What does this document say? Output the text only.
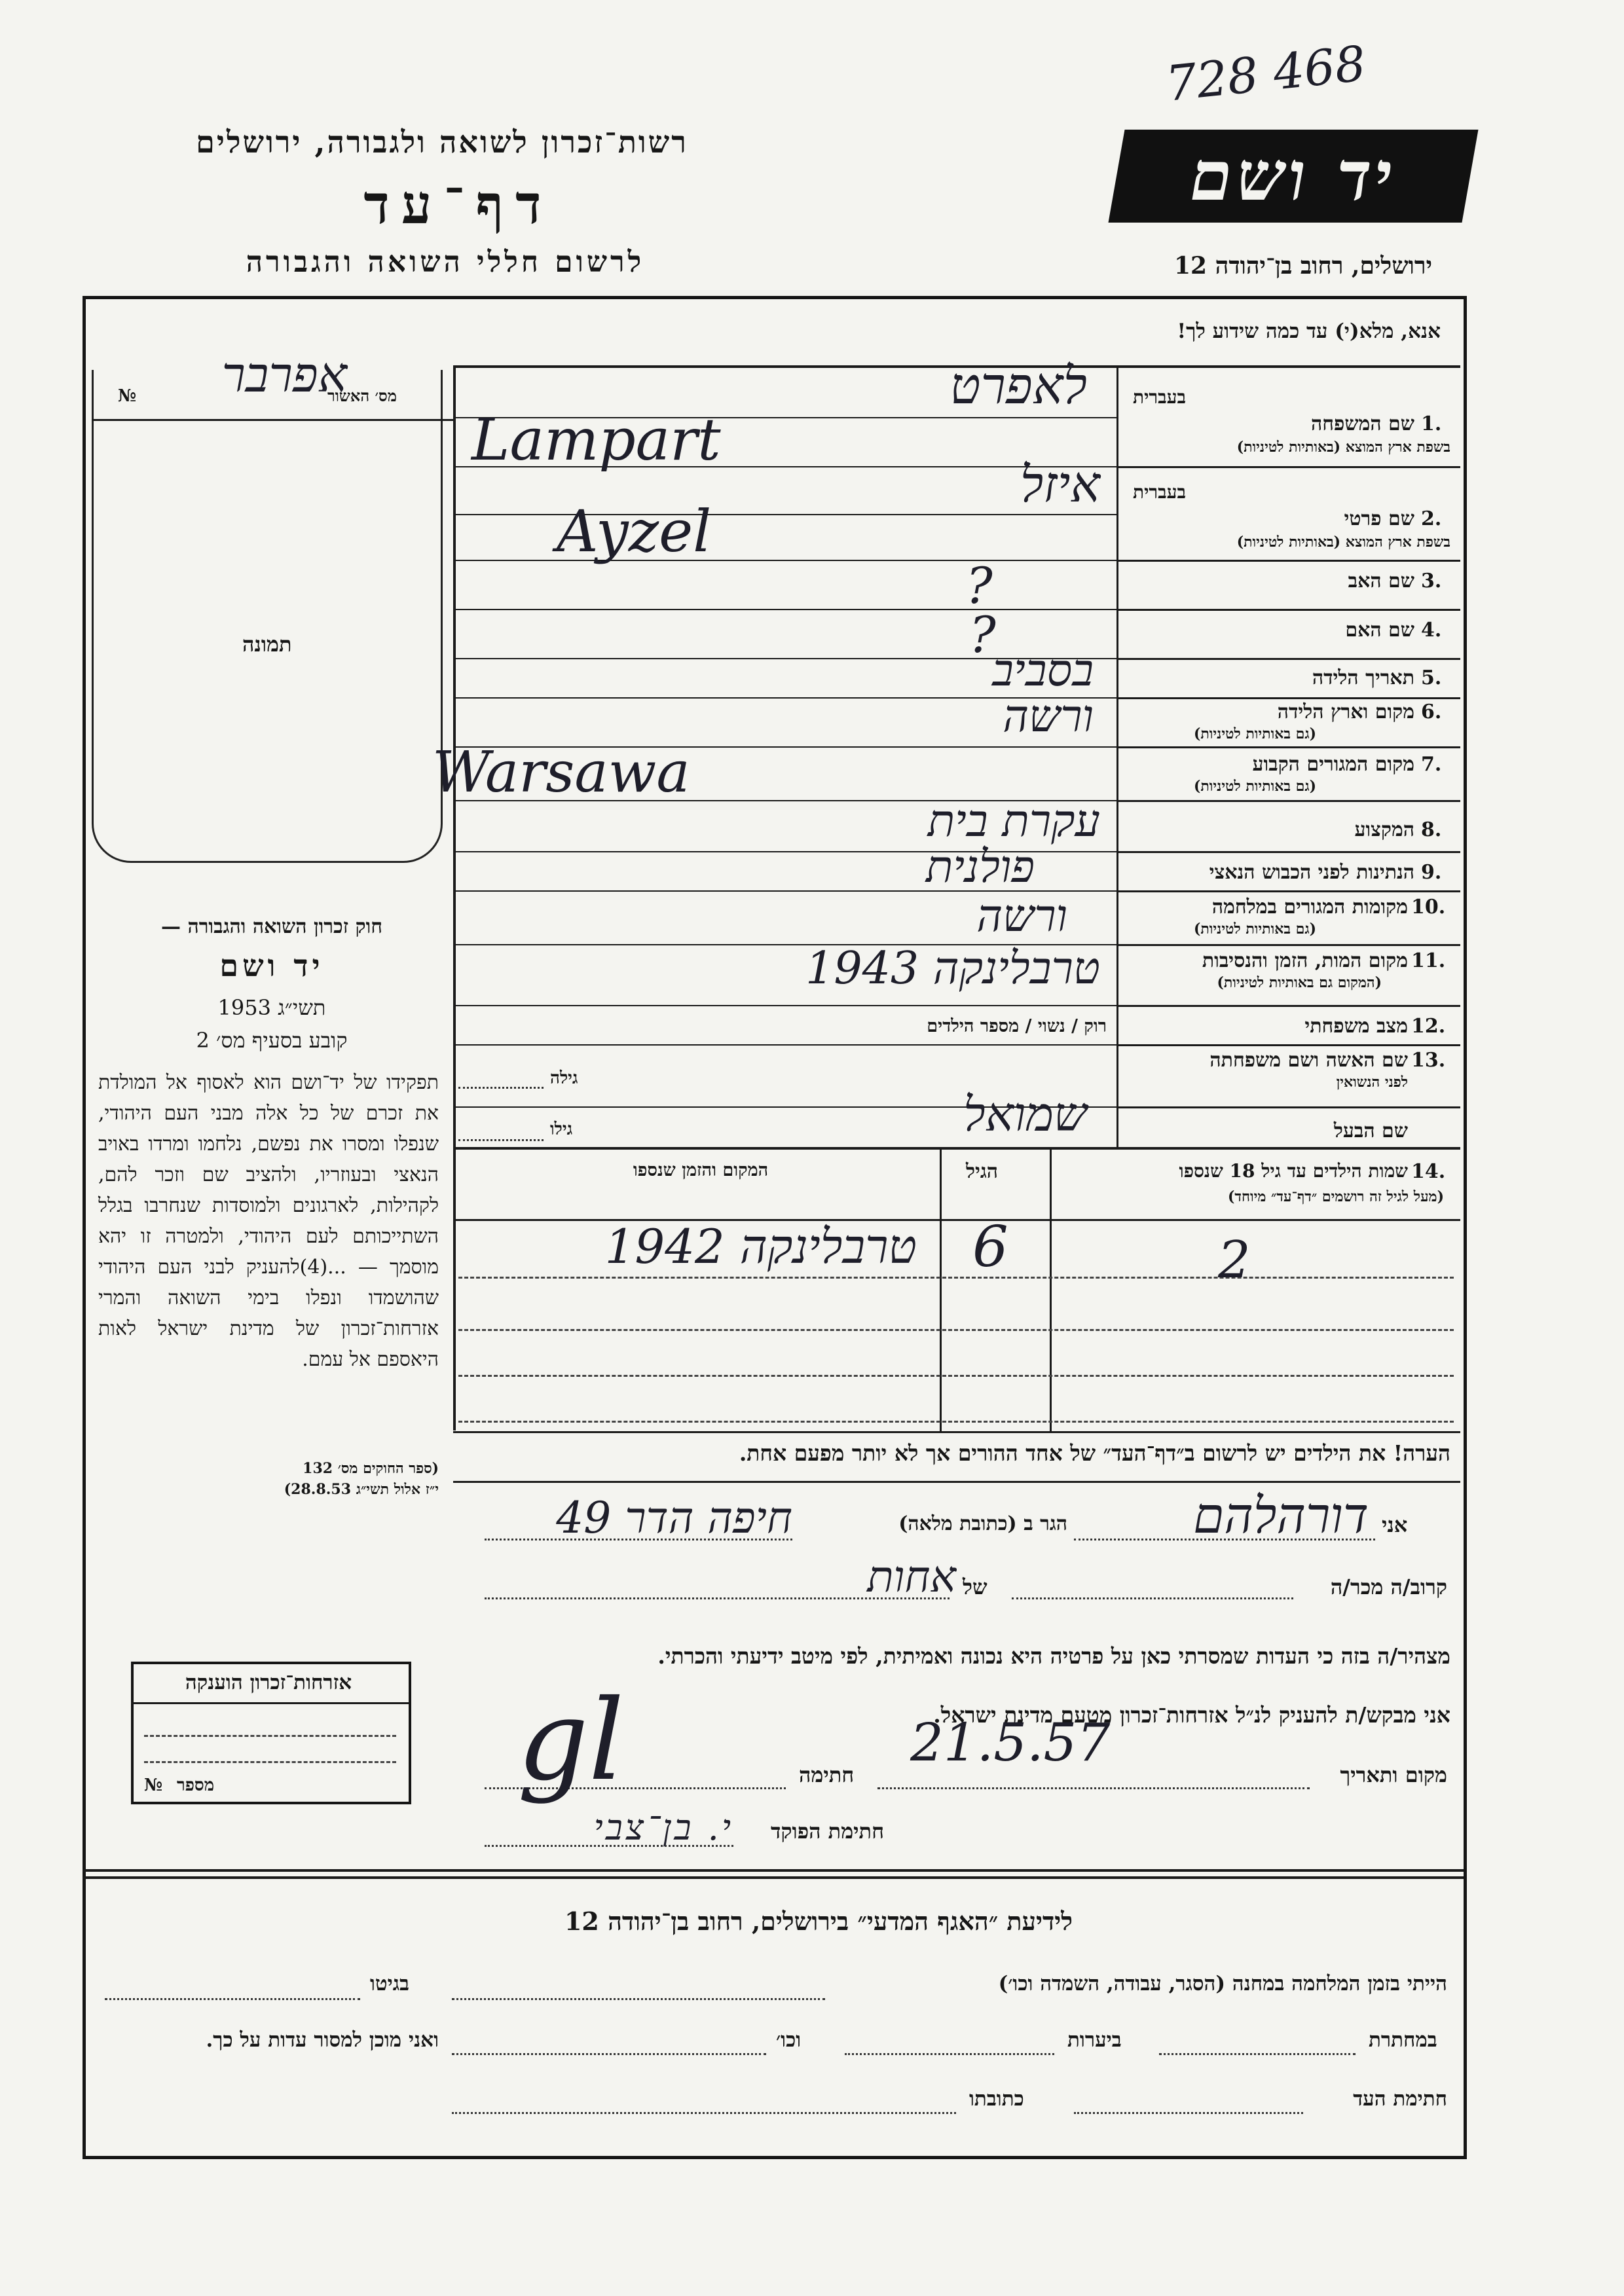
728 468
רשות־זכרון לשואה ולגבורה, ירושלים
דף־עד
לרשום חללי השואה והגבורה
יד ושם
ירושלים, רחוב בן־יהודה 12
אנא, מלא(י) עד כמה שידוע לך!
מס׳ האשור
№	אפרבר
תמונה
חוק זכרון השואה והגבורה —
יד ושם
תשי״ג 1953
קובע בסעיף מס׳ 2
תפקידו של יד־ושם הוא לאסוף אל המולדת את זכרם של כל אלה מבני העם היהודי, שנפלו ומסרו את נפשם, נלחמו ומרדו באויב הנאצי ובעוזריו, ולהציב שם וזכר להם, לקהילות, לארגונים ולמוסדות שנחרבו בגלל השתייכותם לעם היהודי, ולמטרה זו יהא מוסמך — ...(4)להעניק לבני העם היהודי שהושמדו ונפלו בימי השואה והמרי אזרחות־זכרון של מדינת ישראל לאות היאספם אל עמם.
(ספר החוקים מס׳ 132
י״ז אלול תשי״ג 28.8.53)
בעברית
1.
שם המשפחה
בשפת ארץ המוצא (באותיות לטיניות)
לאפרט
Lampart
בעברית
2.
שם פרטי
בשפת ארץ המוצא (באותיות לטיניות)
איזל
Ayzel
3.
שם האב
?
4.
שם האם
?
5.
תאריך הלידה
בסביב
6.
מקום וארץ הלידה
(גם באותיות לטיניות)
ורשה
7.
מקום המגורים הקבוע
(גם באותיות לטיניות)
Warsawa
8.
המקצוע
עקרת בית
9.
הנתינות לפני הכבוש הנאצי
פולנית
10.
מקומות המגורים במלחמה
(גם באותיות לטיניות)
ורשה
11.
מקום המות, הזמן והנסיבות
(המקום גם באותיות לטיניות)
טרבלינקה 1943
12.
מצב משפחתי
רוק / נשוי / מספר הילדים
13.
שם האשה ושם משפחתה
לפני הנשואין
שמואל
גילה
שם הבעל
גילו
14.
שמות הילדים עד גיל 18 שנספו
(מעל לגיל זה רושמים ״דף־עד״ מיוחד)
הגיל
המקום והזמן שנספו
2
6
טרבלינקה 1942
הערה! את הילדים יש לרשום ב״דף־העד״ של אחד ההורים אך לא יותר מפעם אחת.
אני
דורהלהם
הגר ב (כתובת מלאה)
חיפה הדר 49
קרוב/ה מכר/ה
של
אחות
מצהיר/ה בזה כי העדות שמסרתי כאן על פרטיה היא נכונה ואמיתית, לפי מיטב ידיעתי והכרתי.
אני מבקש/ת להעניק לנ״ל אזרחות־זכרון מטעם מדינת ישראל.
מקום ותאריך
21.5.57
חתימה
gl
חתימת הפוקד
י. בן־צבי
אזרחות־זכרון הוענקה
מספר
№
לידיעת ״האגף המדעי״ בירושלים, רחוב בן־יהודה 12
הייתי בזמן המלחמה במחנה (הסגר, עבודה, השמדה וכו׳)
בגיטו
במחתרת
ביערות
וכו׳
ואני מוכן למסור עדות על כך.
חתימת העד
כתובתו
